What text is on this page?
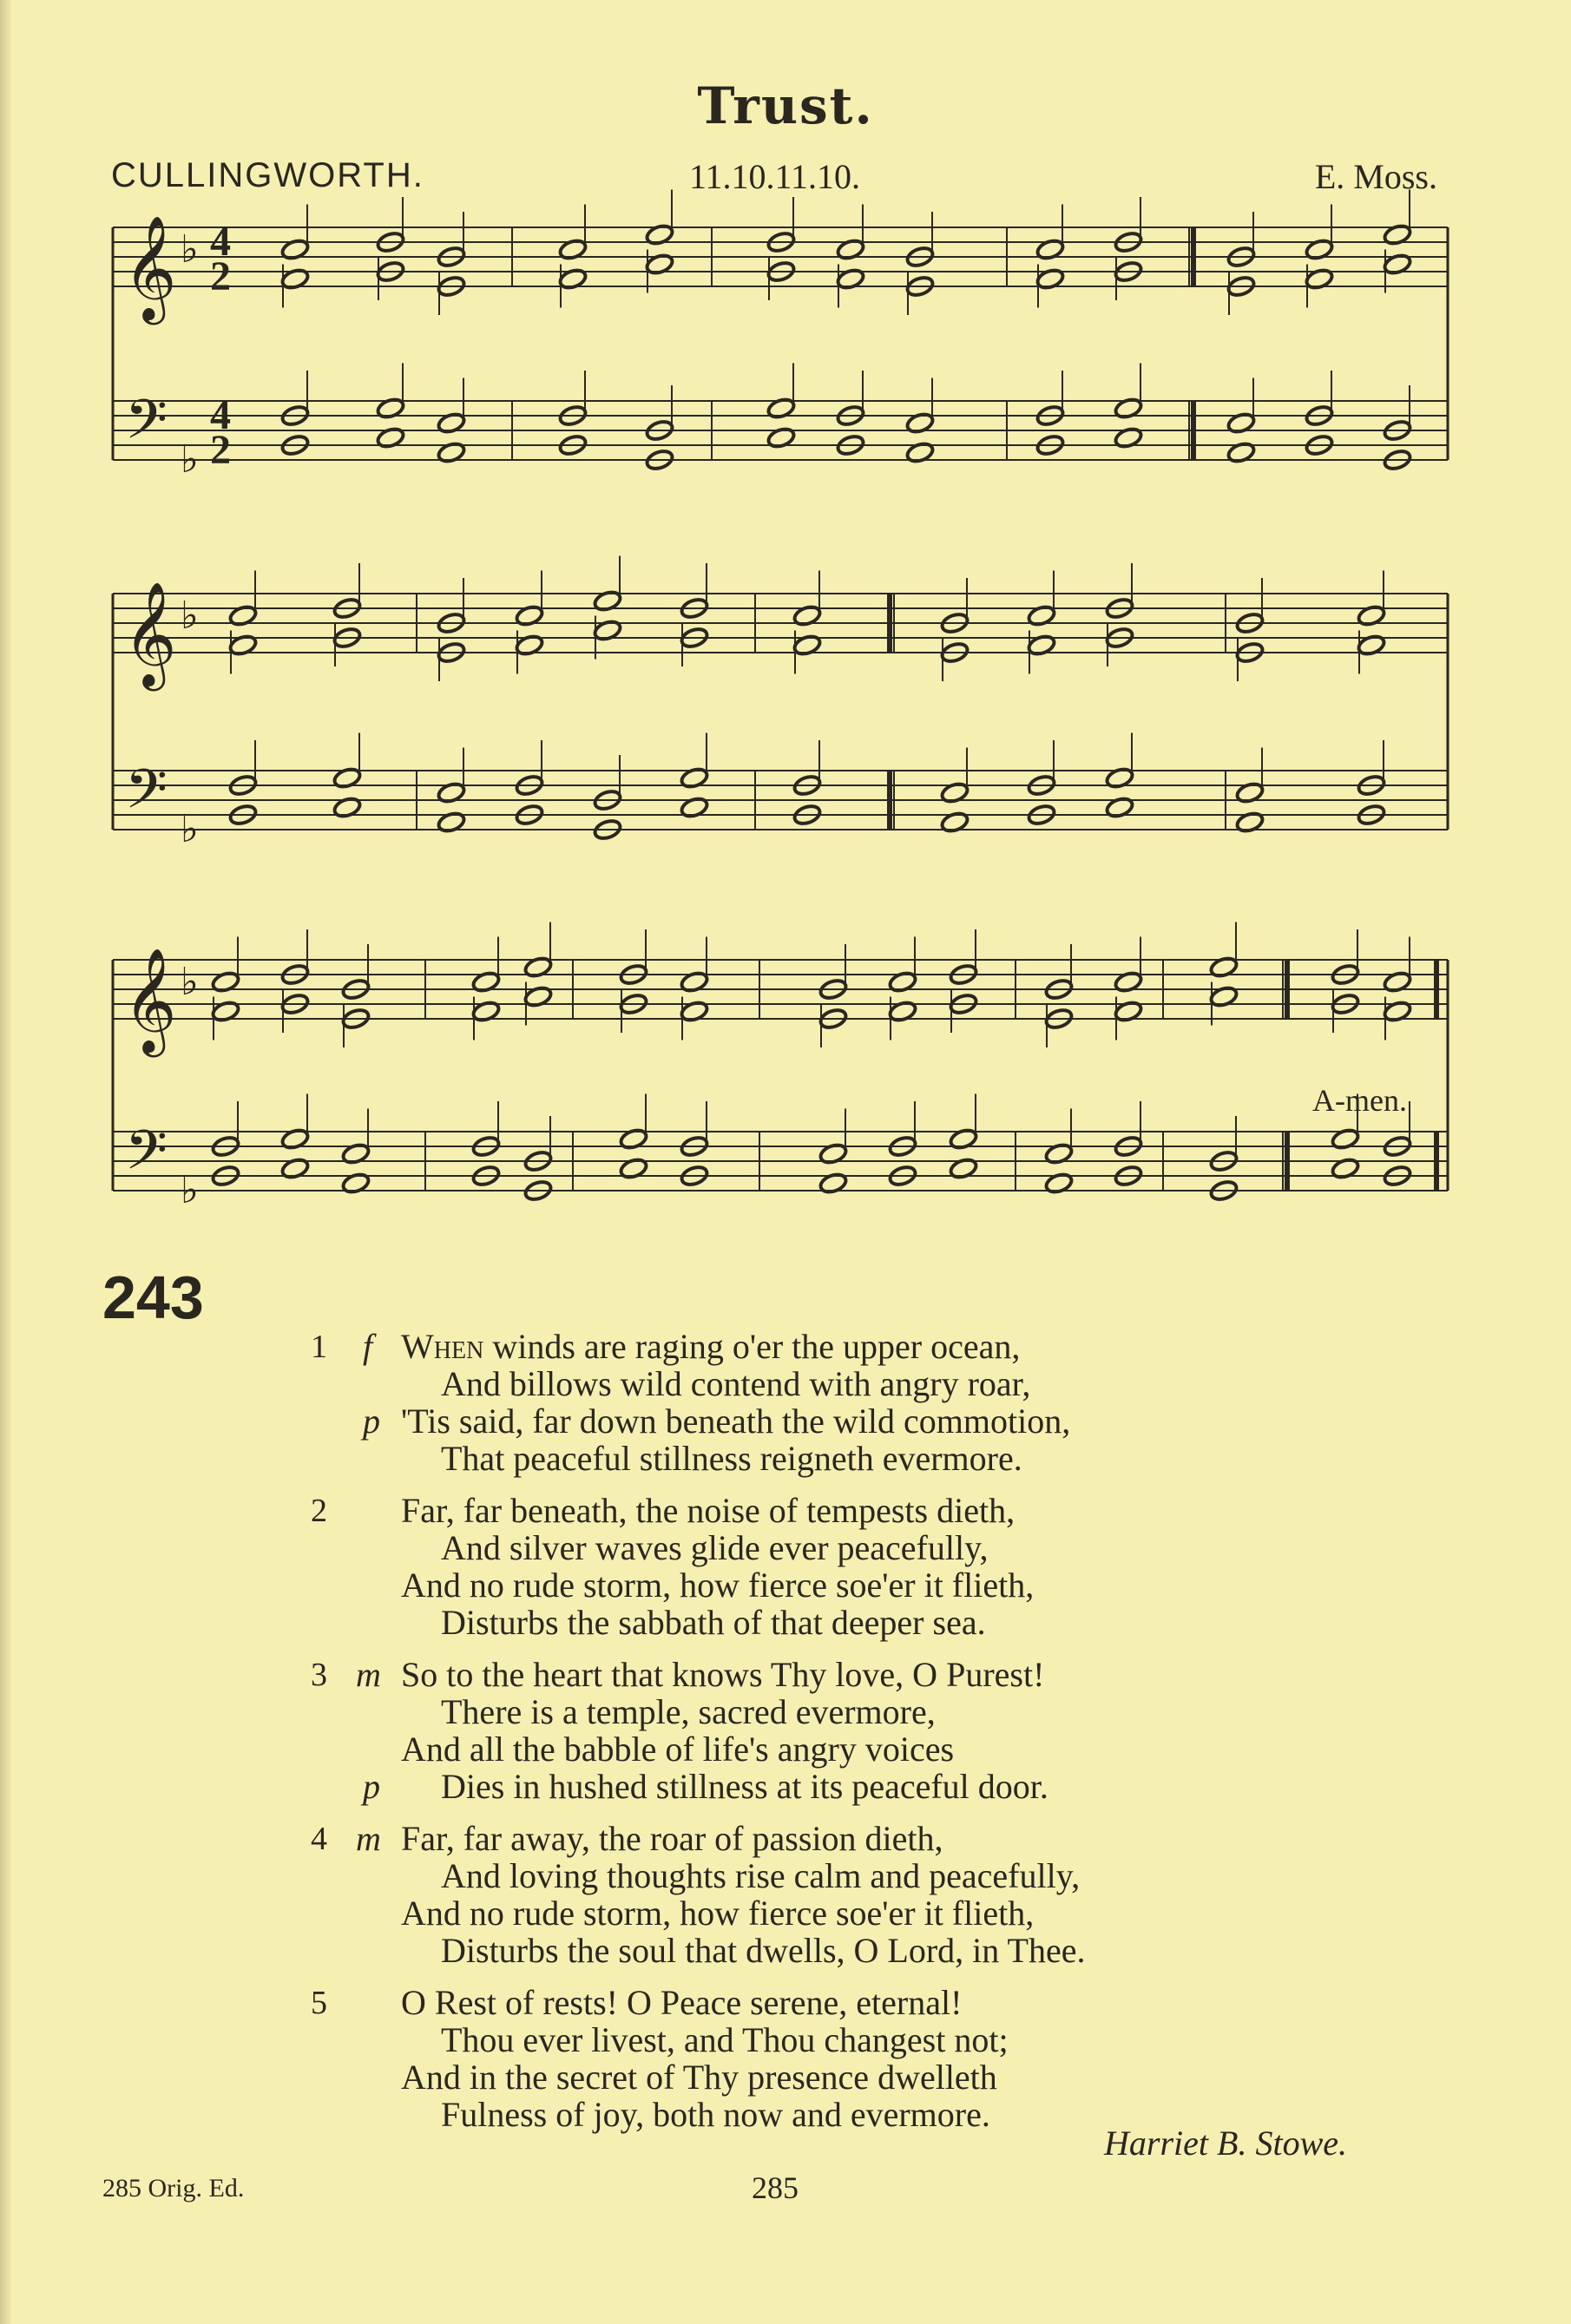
Trust.
CULLINGWORTH.	11.10.11.10.	E. Moss.
𝄞
𝄢
♭
♭
4
2
4
2
𝄞
𝄢
♭
♭
𝄞
𝄢
♭
♭
A-men.
243
1 f When winds are raging o'er the upper ocean,
And billows wild contend with angry roar,
p 'Tis said, far down beneath the wild commotion,
That peaceful stillness reigneth evermore.
2 Far, far beneath, the noise of tempests dieth,
And silver waves glide ever peacefully,
And no rude storm, how fierce soe'er it flieth,
Disturbs the sabbath of that deeper sea.
3 m So to the heart that knows Thy love, O Purest!
There is a temple, sacred evermore,
And all the babble of life's angry voices
p Dies in hushed stillness at its peaceful door.
4 m Far, far away, the roar of passion dieth,
And loving thoughts rise calm and peacefully,
And no rude storm, how fierce soe'er it flieth,
Disturbs the soul that dwells, O Lord, in Thee.
5 O Rest of rests! O Peace serene, eternal!
Thou ever livest, and Thou changest not;
And in the secret of Thy presence dwelleth
Fulness of joy, both now and evermore.
Harriet B. Stowe.
285 Orig. Ed.	285
